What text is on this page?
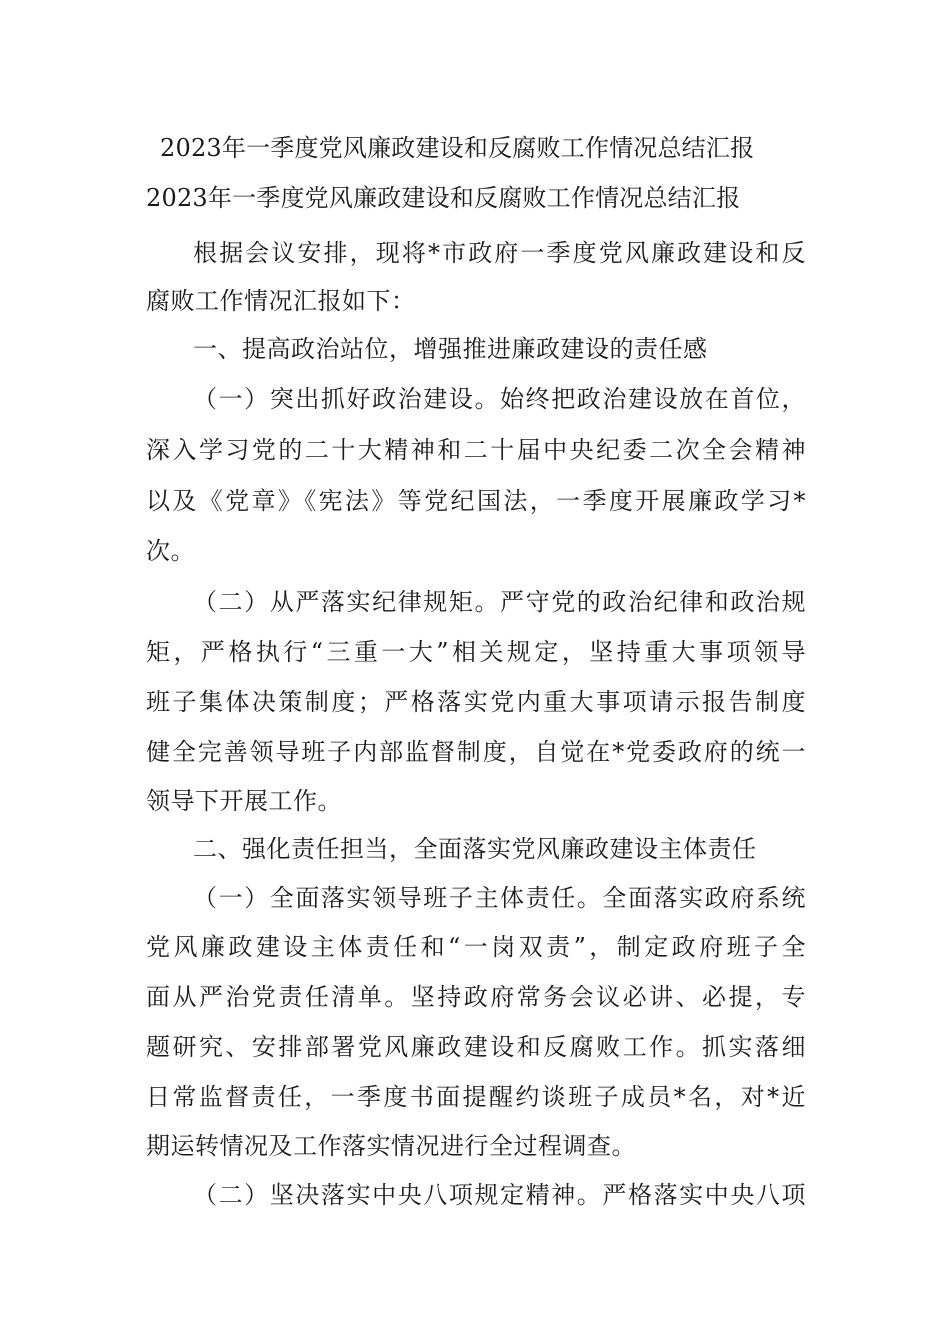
2023年一季度党风廉政建设和反腐败工作情况总结汇报
2023年一季度党风廉政建设和反腐败工作情况总结汇报
根据会议安排，现将*市政府一季度党风廉政建设和反
腐败工作情况汇报如下：
一、提高政治站位，增强推进廉政建设的责任感
（一）突出抓好政治建设。始终把政治建设放在首位，
深入学习党的二十大精神和二十届中央纪委二次全会精神
以及《党章》《宪法》等党纪国法，一季度开展廉政学习*
次。
（二）从严落实纪律规矩。严守党的政治纪律和政治规
矩，严格执行“三重一大”相关规定，坚持重大事项领导
班子集体决策制度；严格落实党内重大事项请示报告制度
健全完善领导班子内部监督制度，自觉在*党委政府的统一
领导下开展工作。
二、强化责任担当，全面落实党风廉政建设主体责任
（一）全面落实领导班子主体责任。全面落实政府系统
党风廉政建设主体责任和“一岗双责”，制定政府班子全
面从严治党责任清单。坚持政府常务会议必讲、必提，专
题研究、安排部署党风廉政建设和反腐败工作。抓实落细
日常监督责任，一季度书面提醒约谈班子成员*名，对*近
期运转情况及工作落实情况进行全过程调查。
（二）坚决落实中央八项规定精神。严格落实中央八项
